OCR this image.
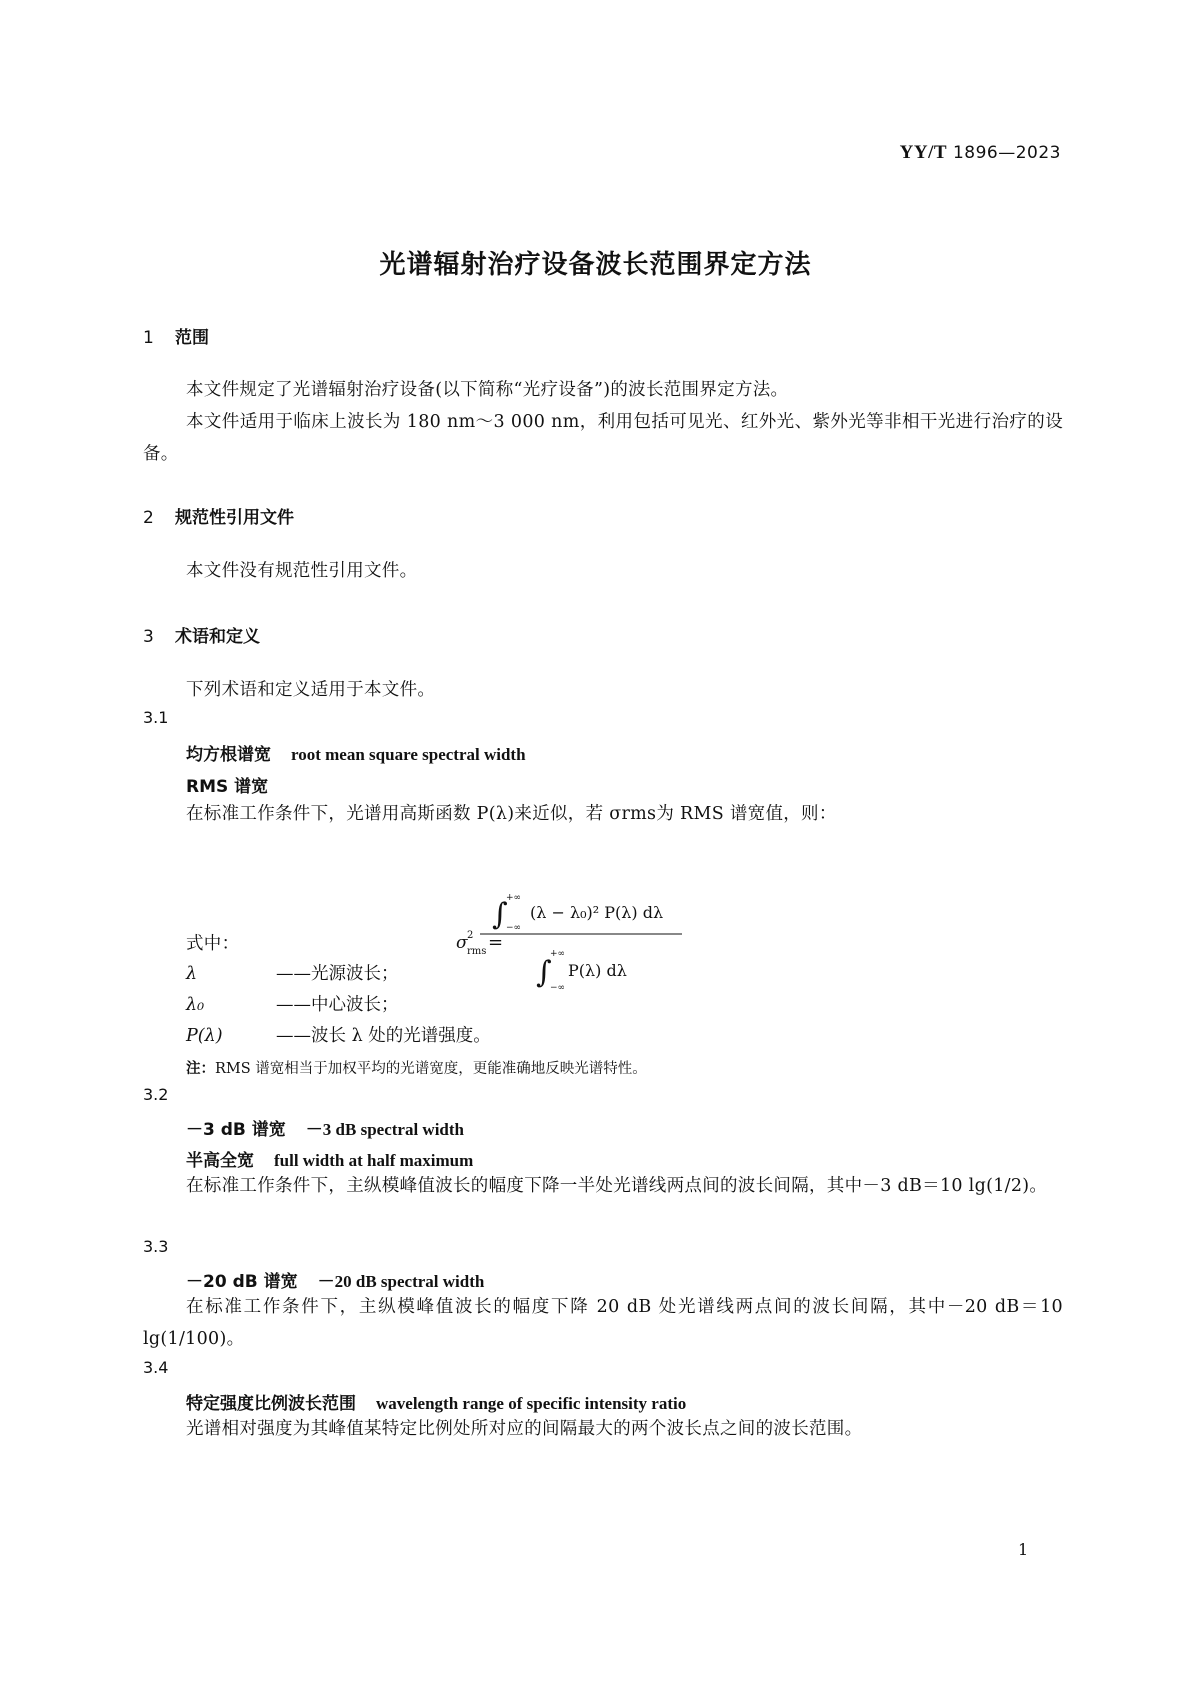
YY/T 1896—2023
光谱辐射治疗设备波长范围界定方法
1 范围
本文件规定了光谱辐射治疗设备(以下简称“光疗设备”)的波长范围界定方法。
本文件适用于临床上波长为 180 nm～3 000 nm，利用包括可见光、红外光、紫外光等非相干光进行治疗的设备。
2 规范性引用文件
本文件没有规范性引用文件。
3 术语和定义
下列术语和定义适用于本文件。
3.1
均方根谱宽 root mean square spectral width
RMS 谱宽
在标准工作条件下，光谱用高斯函数 P(λ)来近似，若 σrms为 RMS 谱宽值，则：
σ 2
rms =
∫
+∞
−∞
(λ − λ₀)² P(λ) dλ
∫
+∞
−∞
P(λ) dλ
式中：
λ	——光源波长；
λ₀	——中心波长；
P(λ)	——波长 λ 处的光谱强度。
注：RMS 谱宽相当于加权平均的光谱宽度，更能准确地反映光谱特性。
3.2
－3 dB 谱宽 －3 dB spectral width
半高全宽 full width at half maximum
在标准工作条件下，主纵模峰值波长的幅度下降一半处光谱线两点间的波长间隔，其中－3 dB＝10 lg(1/2)。
3.3
－20 dB 谱宽 －20 dB spectral width
在标准工作条件下，主纵模峰值波长的幅度下降 20 dB 处光谱线两点间的波长间隔，其中－20 dB＝10 lg(1/100)。
3.4
特定强度比例波长范围 wavelength range of specific intensity ratio
光谱相对强度为其峰值某特定比例处所对应的间隔最大的两个波长点之间的波长范围。
1
